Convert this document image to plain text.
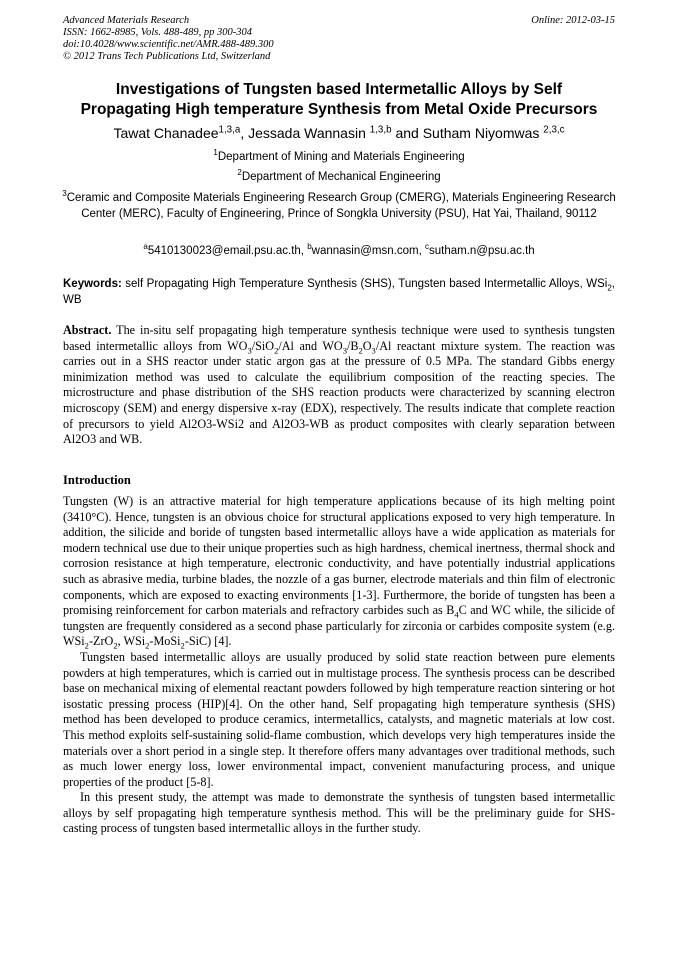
Advanced Materials Research
ISSN: 1662-8985, Vols. 488-489, pp 300-304
doi:10.4028/www.scientific.net/AMR.488-489.300
© 2012 Trans Tech Publications Ltd, Switzerland
Online: 2012-03-15
Investigations of Tungsten based Intermetallic Alloys by Self
Propagating High temperature Synthesis from Metal Oxide Precursors
Tawat Chanadee$^{1,3,a}$, Jessada Wannasin $^{1,3,b}$ and Sutham Niyomwas $^{2,3,c}$
$^1$Department of Mining and Materials Engineering
$^2$Department of Mechanical Engineering
$^3$Ceramic and Composite Materials Engineering Research Group (CMERG), Materials Engineering Research Center (MERC), Faculty of Engineering, Prince of Songkla University (PSU), Hat Yai, Thailand, 90112
$^a$5410130023@email.psu.ac.th, $^b$wannasin@msn.com, $^c$sutham.n@psu.ac.th
Keywords: self Propagating High Temperature Synthesis (SHS), Tungsten based Intermetallic Alloys, WSi$_2$, WB
Abstract. The in-situ self propagating high temperature synthesis technique were used to synthesis tungsten based intermetallic alloys from $WO_3/SiO_2/Al$ and $WO_3/B_2O_3/Al$ reactant mixture system. The reaction was carries out in a SHS reactor under static argon gas at the pressure of 0.5 MPa. The standard Gibbs energy minimization method was used to calculate the equilibrium composition of the reacting species. The microstructure and phase distribution of the SHS reaction products were characterized by scanning electron microscopy (SEM) and energy dispersive x-ray (EDX), respectively. The results indicate that complete reaction of precursors to yield Al2O3-WSi2 and Al2O3-WB as product composites with clearly separation between Al2O3 and WB.
Introduction

Tungsten (W) is an attractive material for high temperature applications because of its high melting point (3410°C). Hence, tungsten is an obvious choice for structural applications exposed to very high temperature. In addition, the silicide and boride of tungsten based intermetallic alloys have a wide application as materials for modern technical use due to their unique properties such as high hardness, chemical inertness, thermal shock and corrosion resistance at high temperature, electronic conductivity, and have potentially industrial applications such as abrasive media, turbine blades, the nozzle of a gas burner, electrode materials and thin film of electronic components, which are exposed to exacting environments [1-3]. Furthermore, the boride of tungsten has been a promising reinforcement for carbon materials and refractory carbides such as $B_4C$ and WC while, the silicide of tungsten are frequently considered as a second phase particularly for zirconia or carbides composite system (e.g. WSi$_2$-ZrO$_2$, WSi$_2$-MoSi$_2$-SiC) [4].

Tungsten based intermetallic alloys are usually produced by solid state reaction between pure elements powders at high temperatures, which is carried out in multistage process. The synthesis process can be described base on mechanical mixing of elemental reactant powders followed by high temperature reaction sintering or hot isostatic pressing process (HIP)[4]. On the other hand, Self propagating high temperature synthesis (SHS) method has been developed to produce ceramics, intermetallics, catalysts, and magnetic materials at low cost. This method exploits self-sustaining solid-flame combustion, which develops very high temperatures inside the materials over a short period in a single step. It therefore offers many advantages over traditional methods, such as much lower energy loss, lower environmental impact, convenient manufacturing process, and unique properties of the product [5-8].

In this present study, the attempt was made to demonstrate the synthesis of tungsten based intermetallic alloys by self propagating high temperature synthesis method. This will be the preliminary guide for SHS-casting process of tungsten based intermetallic alloys in the further study.
